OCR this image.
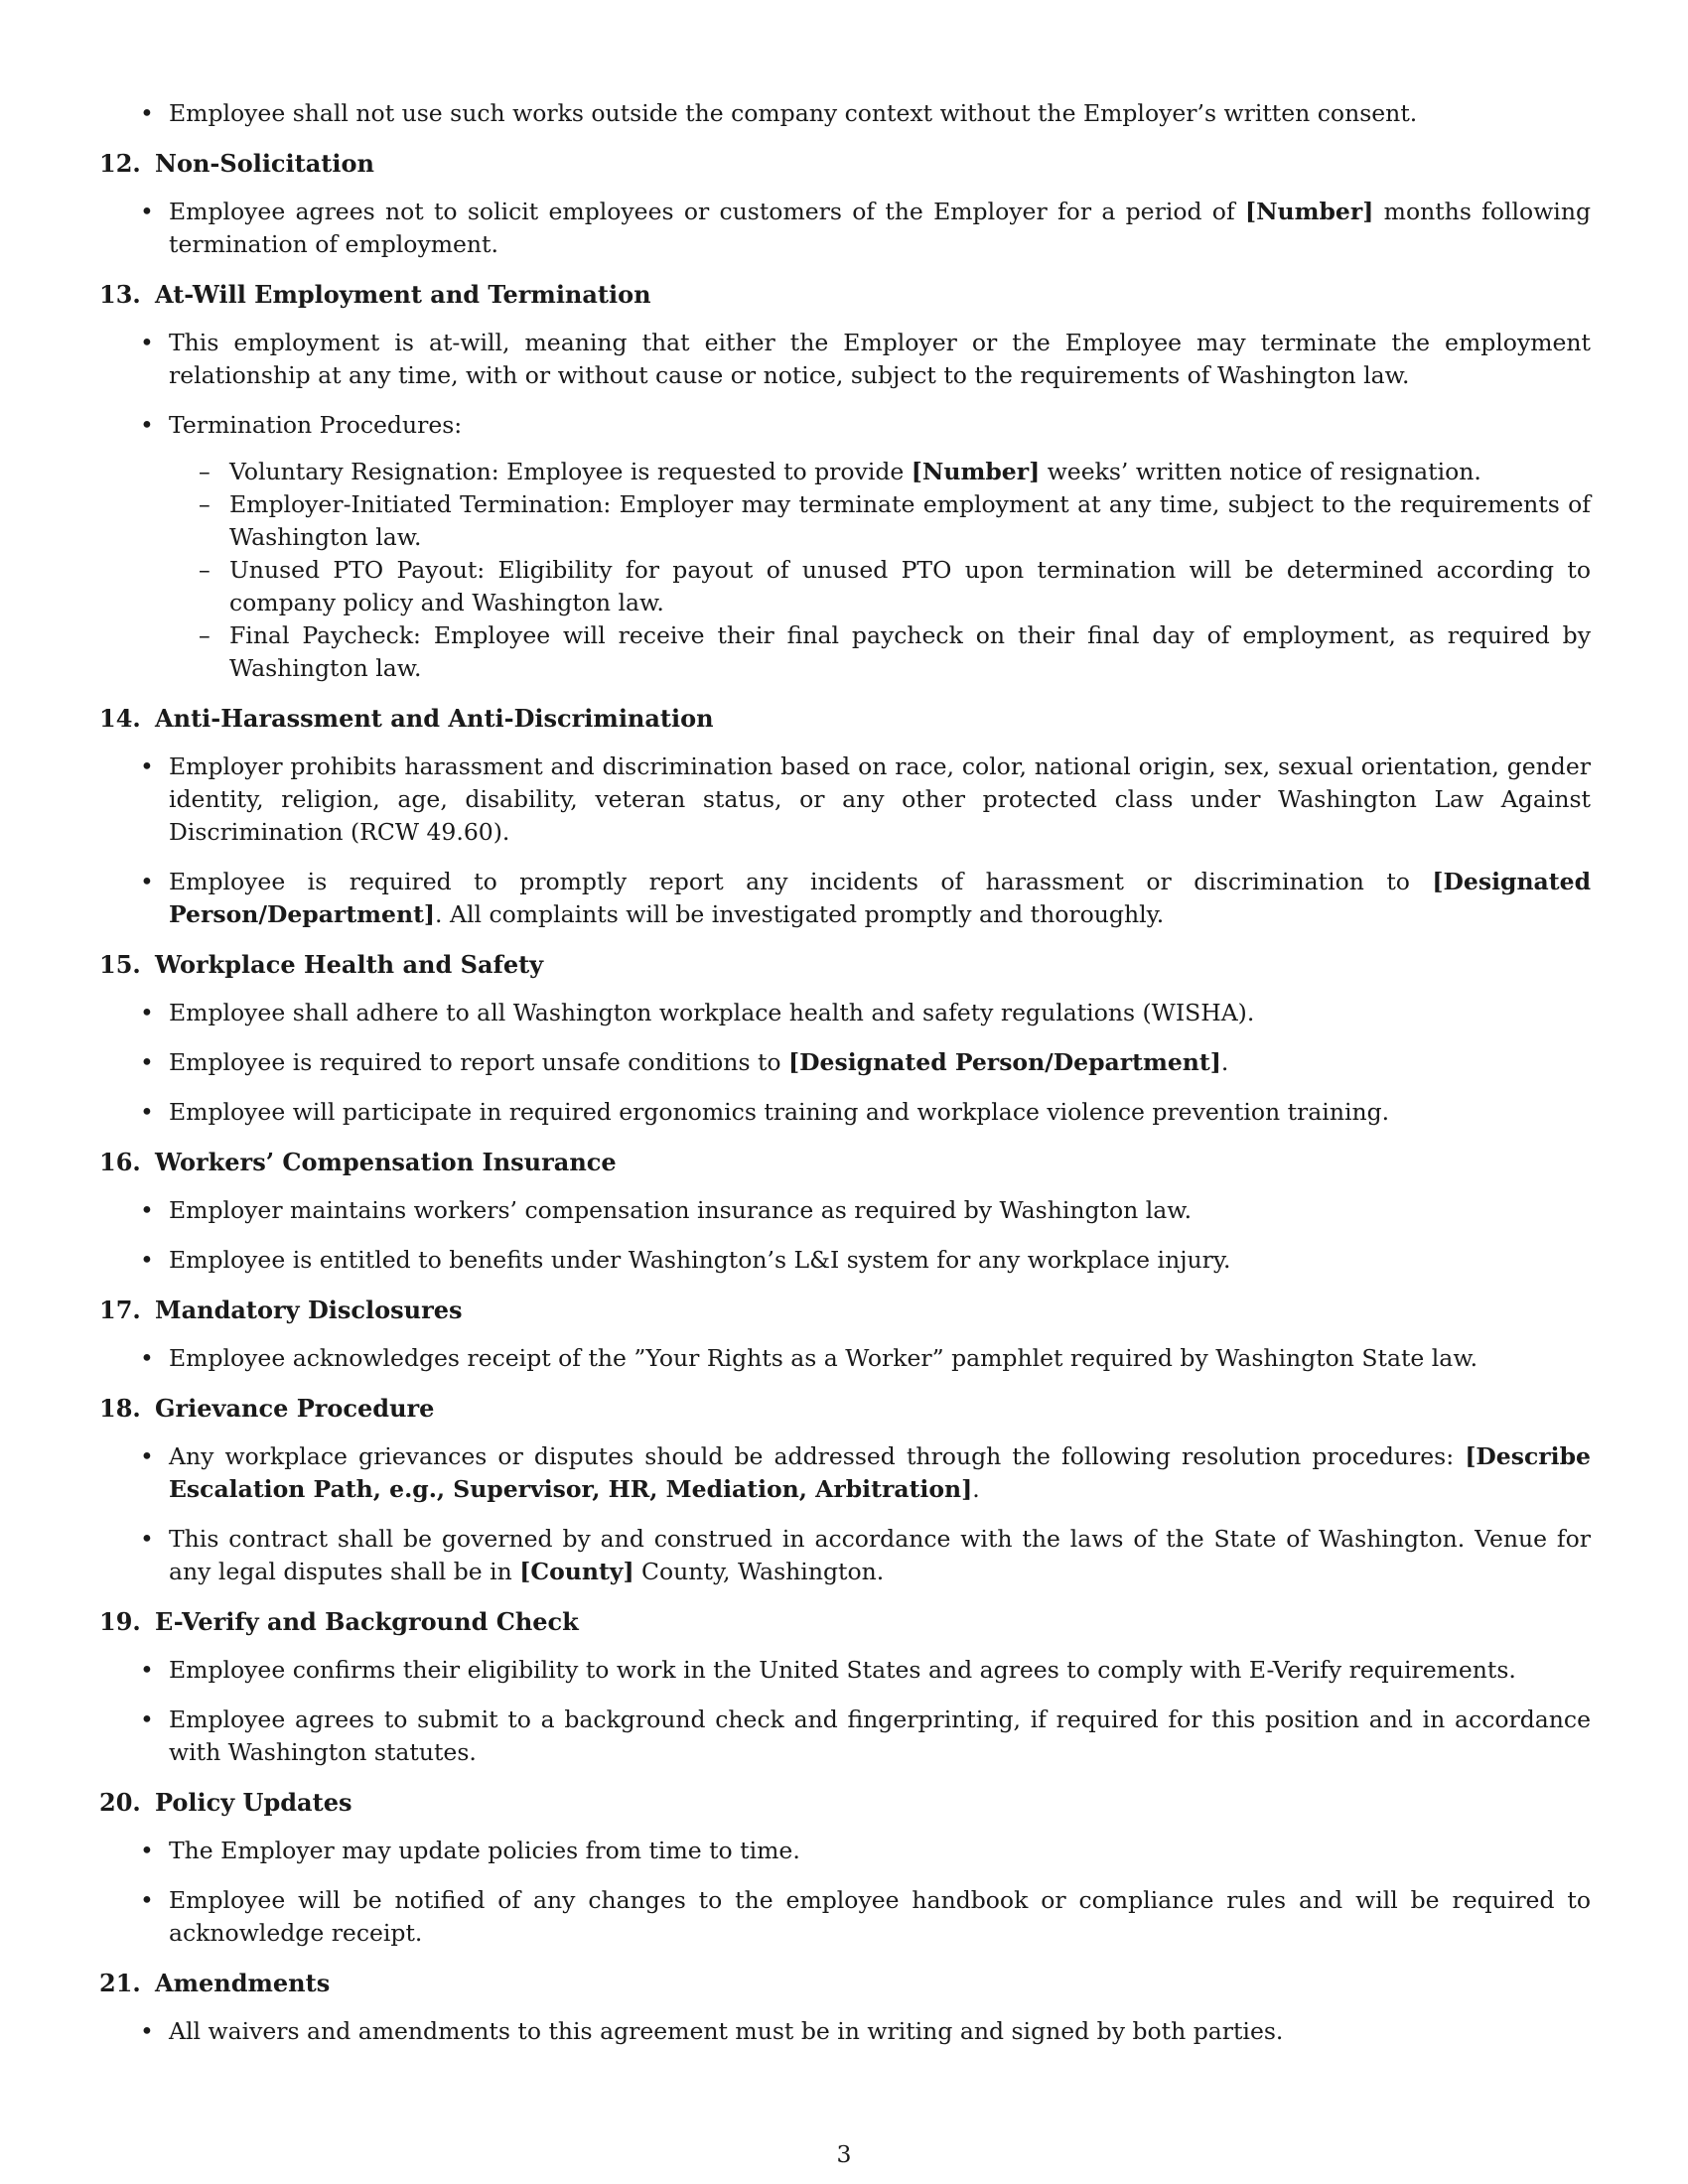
• Employee shall not use such works outside the company context without the Employer’s written consent.
12. Non-Solicitation
• Employee agrees not to solicit employees or customers of the Employer for a period of [Number] months following termination of employment.
13. At-Will Employment and Termination
• This employment is at-will, meaning that either the Employer or the Employee may terminate the employment relationship at any time, with or without cause or notice, subject to the requirements of Washington law.
• Termination Procedures:
– Voluntary Resignation: Employee is requested to provide [Number] weeks’ written notice of resignation.
– Employer-Initiated Termination: Employer may terminate employment at any time, subject to the requirements of Washington law.
– Unused PTO Payout: Eligibility for payout of unused PTO upon termination will be determined according to company policy and Washington law.
– Final Paycheck: Employee will receive their final paycheck on their final day of employment, as required by Washington law.
14. Anti-Harassment and Anti-Discrimination
• Employer prohibits harassment and discrimination based on race, color, national origin, sex, sexual orientation, gender identity, religion, age, disability, veteran status, or any other protected class under Washington Law Against Discrimination (RCW 49.60).
• Employee is required to promptly report any incidents of harassment or discrimination to [Designated Person/Department]. All complaints will be investigated promptly and thoroughly.
15. Workplace Health and Safety
• Employee shall adhere to all Washington workplace health and safety regulations (WISHA).
• Employee is required to report unsafe conditions to [Designated Person/Department].
• Employee will participate in required ergonomics training and workplace violence prevention training.
16. Workers’ Compensation Insurance
• Employer maintains workers’ compensation insurance as required by Washington law.
• Employee is entitled to benefits under Washington’s L&I system for any workplace injury.
17. Mandatory Disclosures
• Employee acknowledges receipt of the ”Your Rights as a Worker” pamphlet required by Washington State law.
18. Grievance Procedure
• Any workplace grievances or disputes should be addressed through the following resolution procedures: [Describe Escalation Path, e.g., Supervisor, HR, Mediation, Arbitration].
• This contract shall be governed by and construed in accordance with the laws of the State of Washington. Venue for any legal disputes shall be in [County] County, Washington.
19. E-Verify and Background Check
• Employee confirms their eligibility to work in the United States and agrees to comply with E-Verify requirements.
• Employee agrees to submit to a background check and fingerprinting, if required for this position and in accordance with Washington statutes.
20. Policy Updates
• The Employer may update policies from time to time.
• Employee will be notified of any changes to the employee handbook or compliance rules and will be required to acknowledge receipt.
21. Amendments
• All waivers and amendments to this agreement must be in writing and signed by both parties.
3
